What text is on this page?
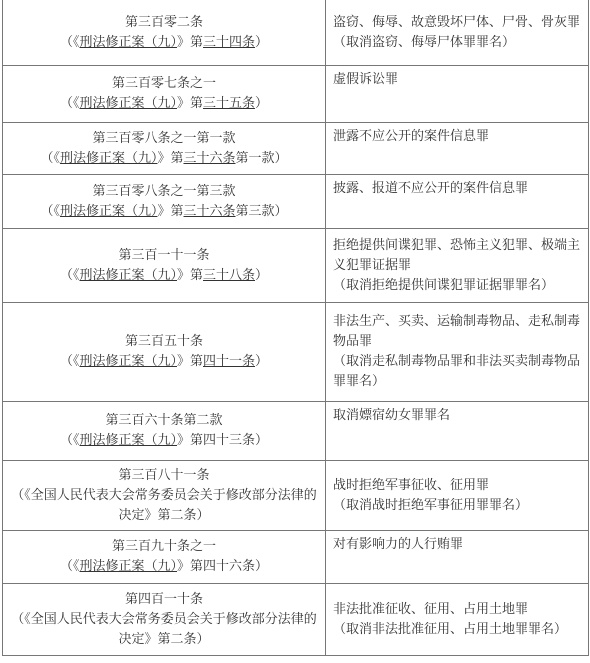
第三百零二条
（《刑法修正案（九）》第三十四条）	盗窃、侮辱、故意毁坏尸体、尸骨、骨灰罪
（取消盗窃、侮辱尸体罪罪名）

第三百零七条之一
（《刑法修正案（九）》第三十五条）	虚假诉讼罪

第三百零八条之一第一款
（《刑法修正案（九）》第三十六条第一款）	泄露不应公开的案件信息罪

第三百零八条之一第三款
（《刑法修正案（九）》第三十六条第三款）	披露、报道不应公开的案件信息罪

第三百一十一条
（《刑法修正案（九）》第三十八条）	拒绝提供间谍犯罪、恐怖主义犯罪、极端主义犯罪证据罪
（取消拒绝提供间谍犯罪证据罪罪名）

第三百五十条
（《刑法修正案（九）》第四十一条）	非法生产、买卖、运输制毒物品、走私制毒物品罪
（取消走私制毒物品罪和非法买卖制毒物品罪罪名）

第三百六十条第二款
（《刑法修正案（九）》第四十三条）	取消嫖宿幼女罪罪名

第三百八十一条
（《全国人民代表大会常务委员会关于修改部分法律的决定》第二条）	战时拒绝军事征收、征用罪
（取消战时拒绝军事征用罪罪名）

第三百九十条之一
（《刑法修正案（九）》第四十六条）	对有影响力的人行贿罪

第四百一十条
（《全国人民代表大会常务委员会关于修改部分法律的决定》第二条）	非法批准征收、征用、占用土地罪
（取消非法批准征用、占用土地罪罪名）
